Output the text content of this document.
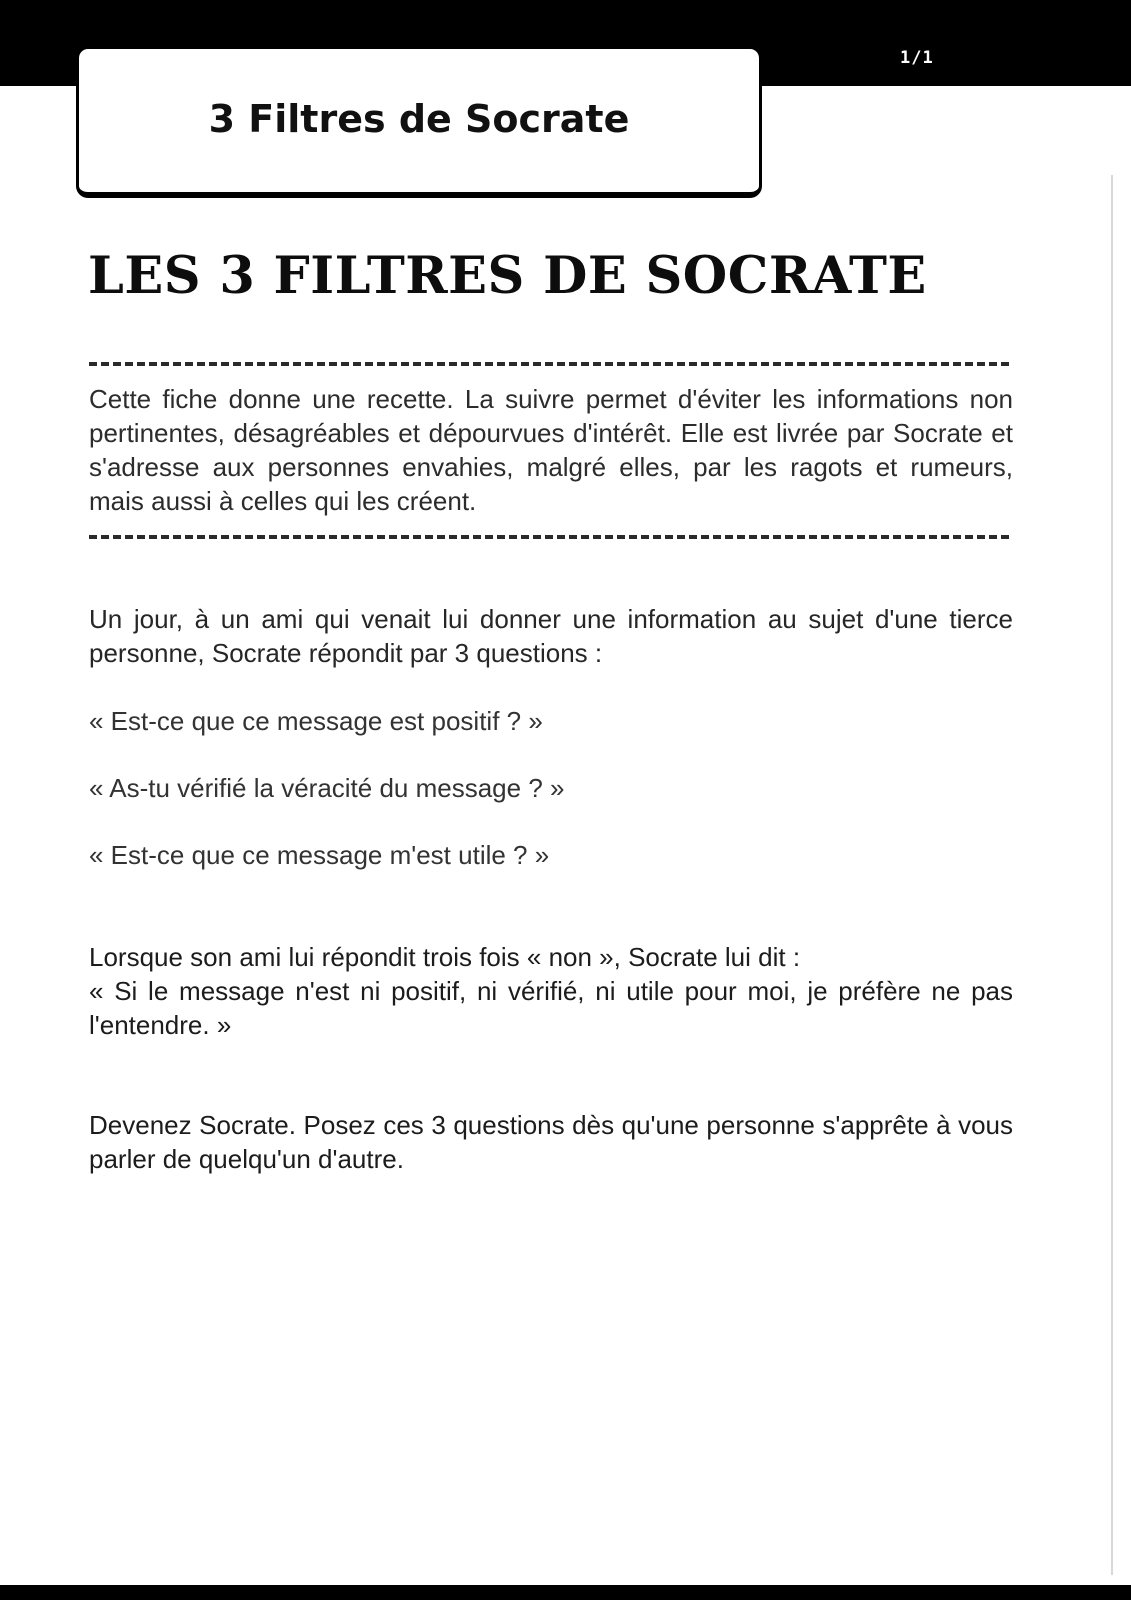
1/1
3 Filtres de Socrate
LES 3 FILTRES DE SOCRATE

Cette fiche donne une recette. La suivre permet d'éviter les informations non pertinentes, désagréables et dépourvues d'intérêt. Elle est livrée par Socrate et s'adresse aux personnes envahies, malgré elles, par les ragots et rumeurs, mais aussi à celles qui les créent.

Un jour, à un ami qui venait lui donner une information au sujet d'une tierce personne, Socrate répondit par 3 questions :

« Est-ce que ce message est positif ? »

« As-tu vérifié la véracité du message ? »

« Est-ce que ce message m'est utile ? »

Lorsque son ami lui répondit trois fois « non », Socrate lui dit :
« Si le message n'est ni positif, ni vérifié, ni utile pour moi, je préfère ne pas l'entendre. »

Devenez Socrate. Posez ces 3 questions dès qu'une personne s'apprête à vous parler de quelqu'un d'autre.
